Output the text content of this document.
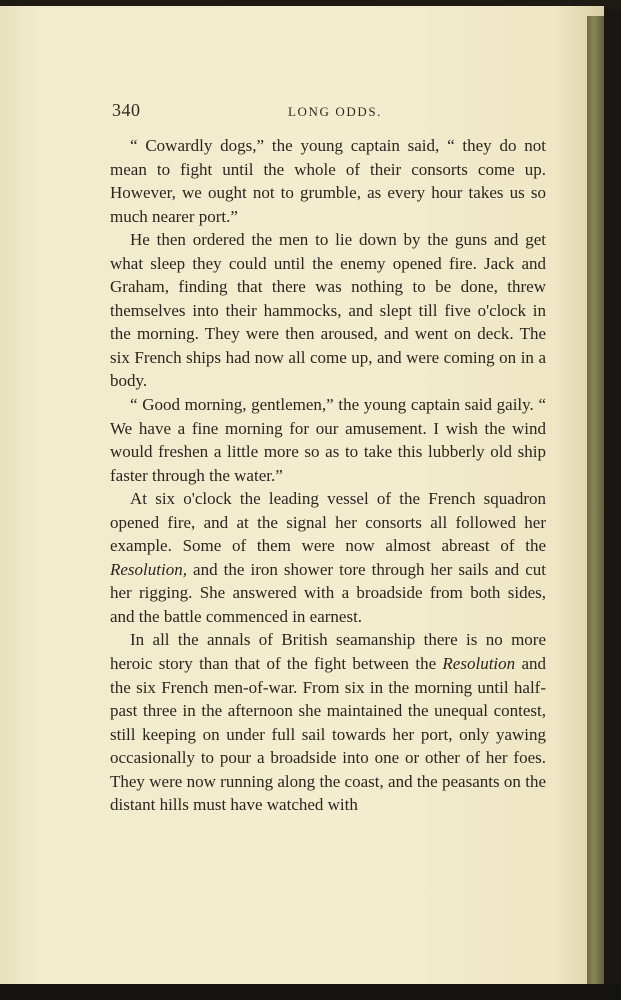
340	LONG ODDS.

“ Cowardly dogs,” the young captain said, “ they do not mean to fight until the whole of their consorts come up. However, we ought not to grumble, as every hour takes us so much nearer port.”

He then ordered the men to lie down by the guns and get what sleep they could until the enemy opened fire. Jack and Graham, finding that there was nothing to be done, threw themselves into their hammocks, and slept till five o'clock in the morning. They were then aroused, and went on deck. The six French ships had now all come up, and were coming on in a body.

“ Good morning, gentlemen,” the young captain said gaily. “ We have a fine morning for our amusement. I wish the wind would freshen a little more so as to take this lubberly old ship faster through the water.”

At six o'clock the leading vessel of the French squadron opened fire, and at the signal her consorts all followed her example. Some of them were now almost abreast of the Resolution, and the iron shower tore through her sails and cut her rigging. She answered with a broadside from both sides, and the battle commenced in earnest.

In all the annals of British seamanship there is no more heroic story than that of the fight between the Resolution and the six French men-of-war. From six in the morning until half-past three in the afternoon she maintained the unequal contest, still keeping on under full sail towards her port, only yawing occasionally to pour a broadside into one or other of her foes. They were now running along the coast, and the peasants on the distant hills must have watched with
